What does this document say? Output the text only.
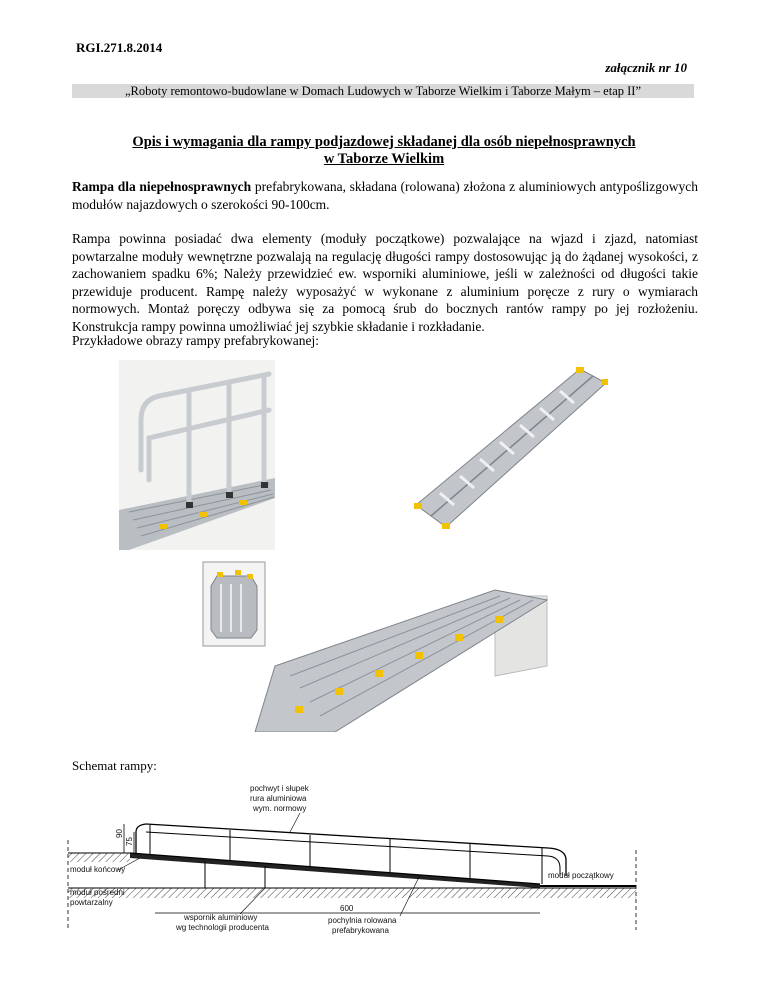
RGI.271.8.2014
załącznik nr 10
„Roboty remontowo-budowlane w Domach Ludowych w Taborze Wielkim i Taborze Małym – etap II”
Opis i wymagania dla rampy podjazdowej składanej dla osób niepełnosprawnych
w Taborze Wielkim
Rampa dla niepełnosprawnych prefabrykowana, składana (rolowana) złożona z aluminiowych antypoślizgowych modułów najazdowych o szerokości 90-100cm.
Rampa powinna posiadać dwa elementy (moduły początkowe) pozwalające na wjazd i zjazd, natomiast powtarzalne moduły wewnętrzne pozwalają na regulację długości rampy dostosowując ją do żądanej wysokości, z zachowaniem spadku 6%; Należy przewidzieć ew. wsporniki aluminiowe, jeśli w zależności od długości takie przewiduje producent. Rampę należy wyposażyć w wykonane z aluminium poręcze z rury o wymiarach normowych. Montaż poręczy odbywa się za pomocą śrub do bocznych rantów rampy po jej rozłożeniu. Konstrukcja rampy powinna umożliwiać jej szybkie składanie i rozkładanie.
Przykładowe obrazy rampy prefabrykowanej:
Schemat rampy:
90
75
600
pochwyt i słupek
rura aluminiowa
wym. normowy
moduł końcowy
moduł pośredni
powtarzalny
moduł początkowy
wspornik aluminiowy
wg technologii producenta
pochylnia rolowana
prefabrykowana
